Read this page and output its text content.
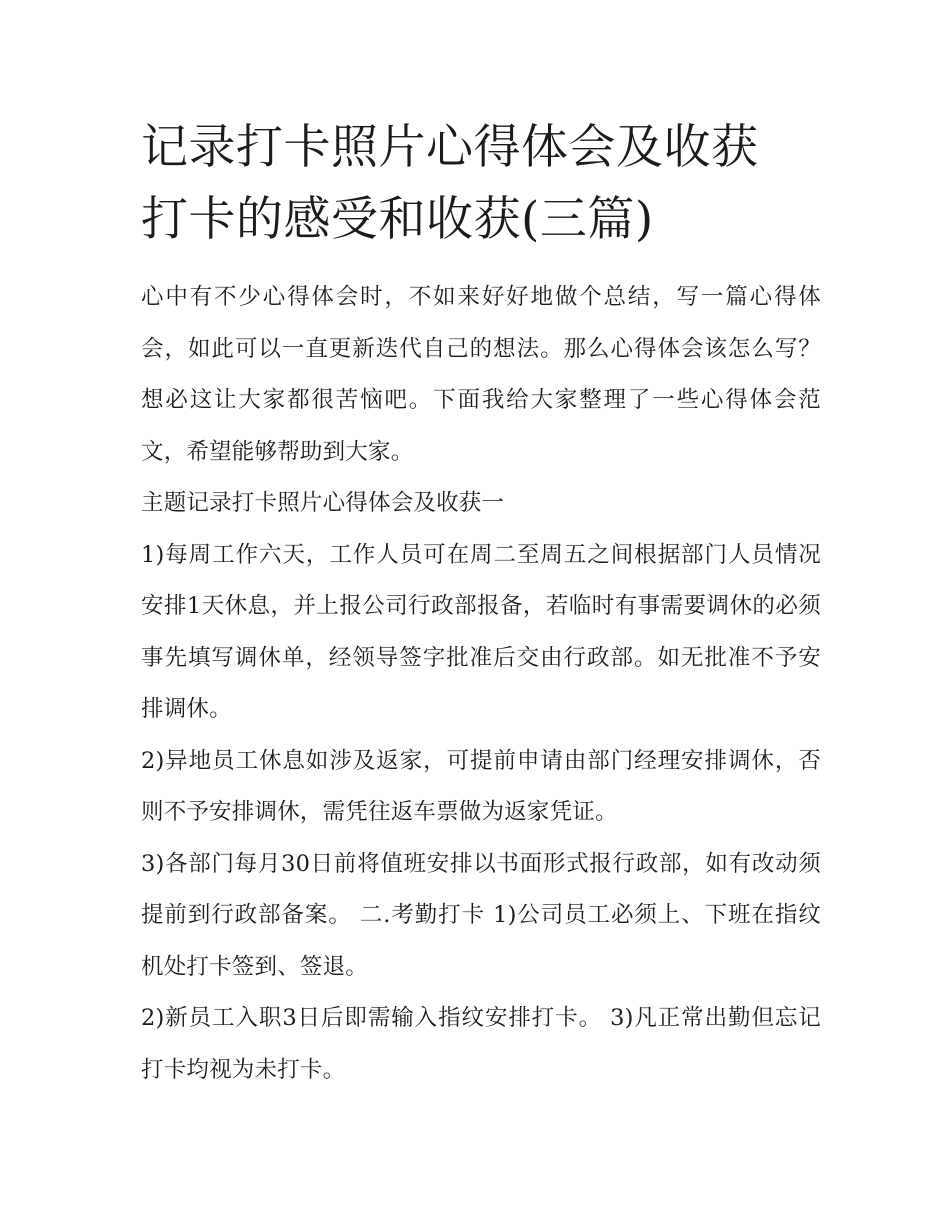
记录打卡照片心得体会及收获
打卡的感受和收获(三篇)

心中有不少心得体会时，不如来好好地做个总结，写一篇心得体会，如此可以一直更新迭代自己的想法。那么心得体会该怎么写？想必这让大家都很苦恼吧。下面我给大家整理了一些心得体会范文，希望能够帮助到大家。

主题记录打卡照片心得体会及收获一

1)每周工作六天，工作人员可在周二至周五之间根据部门人员情况安排1天休息，并上报公司行政部报备，若临时有事需要调休的必须事先填写调休单，经领导签字批准后交由行政部。如无批准不予安排调休。

2)异地员工休息如涉及返家，可提前申请由部门经理安排调休，否则不予安排调休，需凭往返车票做为返家凭证。

3)各部门每月30日前将值班安排以书面形式报行政部，如有改动须提前到行政部备案。 二.考勤打卡 1)公司员工必须上、下班在指纹机处打卡签到、签退。

2)新员工入职3日后即需输入指纹安排打卡。 3)凡正常出勤但忘记打卡均视为未打卡。
